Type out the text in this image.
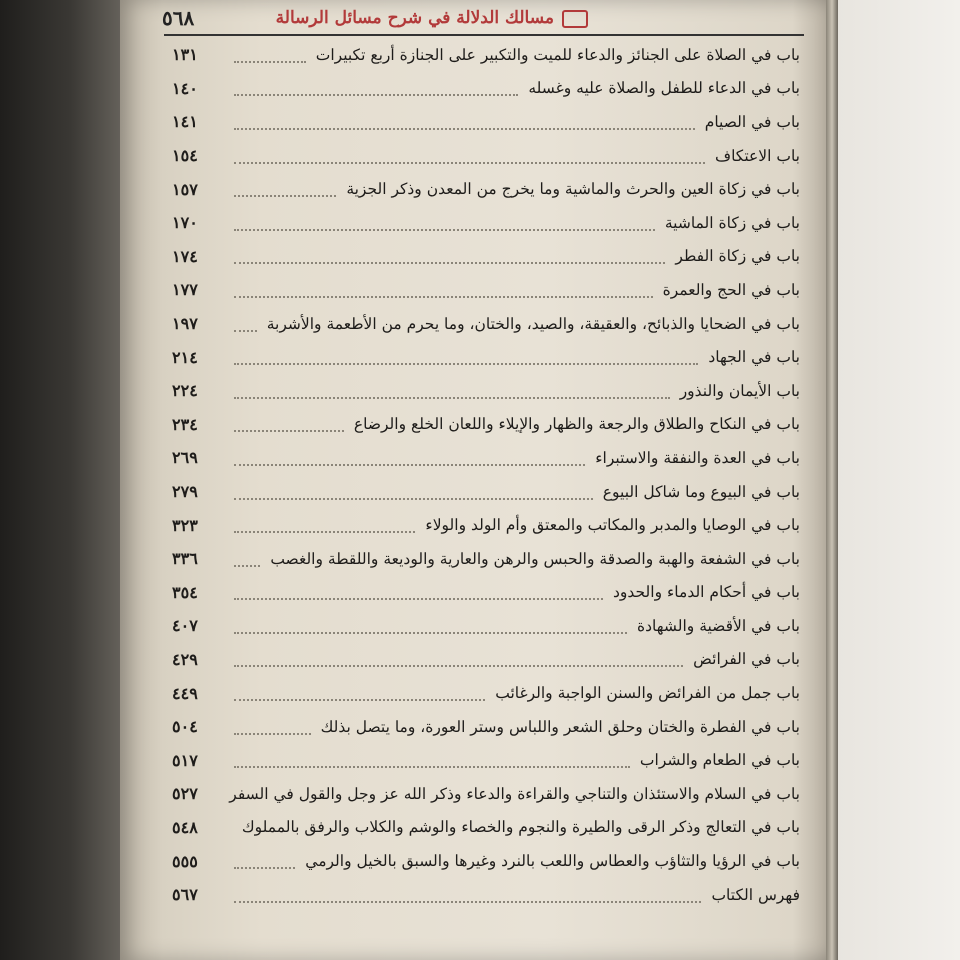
٥٦٨	مسالك الدلالة في شرح مسائل الرسالة
باب في الصلاة على الجنائز والدعاء للميت والتكبير على الجنازة أربع تكبيرات
١٣١
باب في الدعاء للطفل والصلاة عليه وغسله
١٤٠
باب في الصيام
١٤١
باب الاعتكاف
١٥٤
باب في زكاة العين والحرث والماشية وما يخرج من المعدن وذكر الجزية
١٥٧
باب في زكاة الماشية
١٧٠
باب في زكاة الفطر
١٧٤
باب في الحج والعمرة
١٧٧
باب في الضحايا والذبائح، والعقيقة، والصيد، والختان، وما يحرم من الأطعمة والأشربة
١٩٧
باب في الجهاد
٢١٤
باب الأيمان والنذور
٢٢٤
باب في النكاح والطلاق والرجعة والظهار والإيلاء واللعان الخلع والرضاع
٢٣٤
باب في العدة والنفقة والاستبراء
٢٦٩
باب في البيوع وما شاكل البيوع
٢٧٩
باب في الوصايا والمدبر والمكاتب والمعتق وأم الولد والولاء
٣٢٣
باب في الشفعة والهبة والصدقة والحبس والرهن والعارية والوديعة واللقطة والغصب
٣٣٦
باب في أحكام الدماء والحدود
٣٥٤
باب في الأقضية والشهادة
٤٠٧
باب في الفرائض
٤٢٩
باب جمل من الفرائض والسنن الواجبة والرغائب
٤٤٩
باب في الفطرة والختان وحلق الشعر واللباس وستر العورة، وما يتصل بذلك
٥٠٤
باب في الطعام والشراب
٥١٧
باب في السلام والاستئذان والتناجي والقراءة والدعاء وذكر الله عز وجل والقول في السفر
٥٢٧
باب في التعالج وذكر الرقى والطيرة والنجوم والخصاء والوشم والكلاب والرفق بالمملوك
٥٤٨
باب في الرؤيا والتثاؤب والعطاس واللعب بالنرد وغيرها والسبق بالخيل والرمي
٥٥٥
فهرس الكتاب
٥٦٧
